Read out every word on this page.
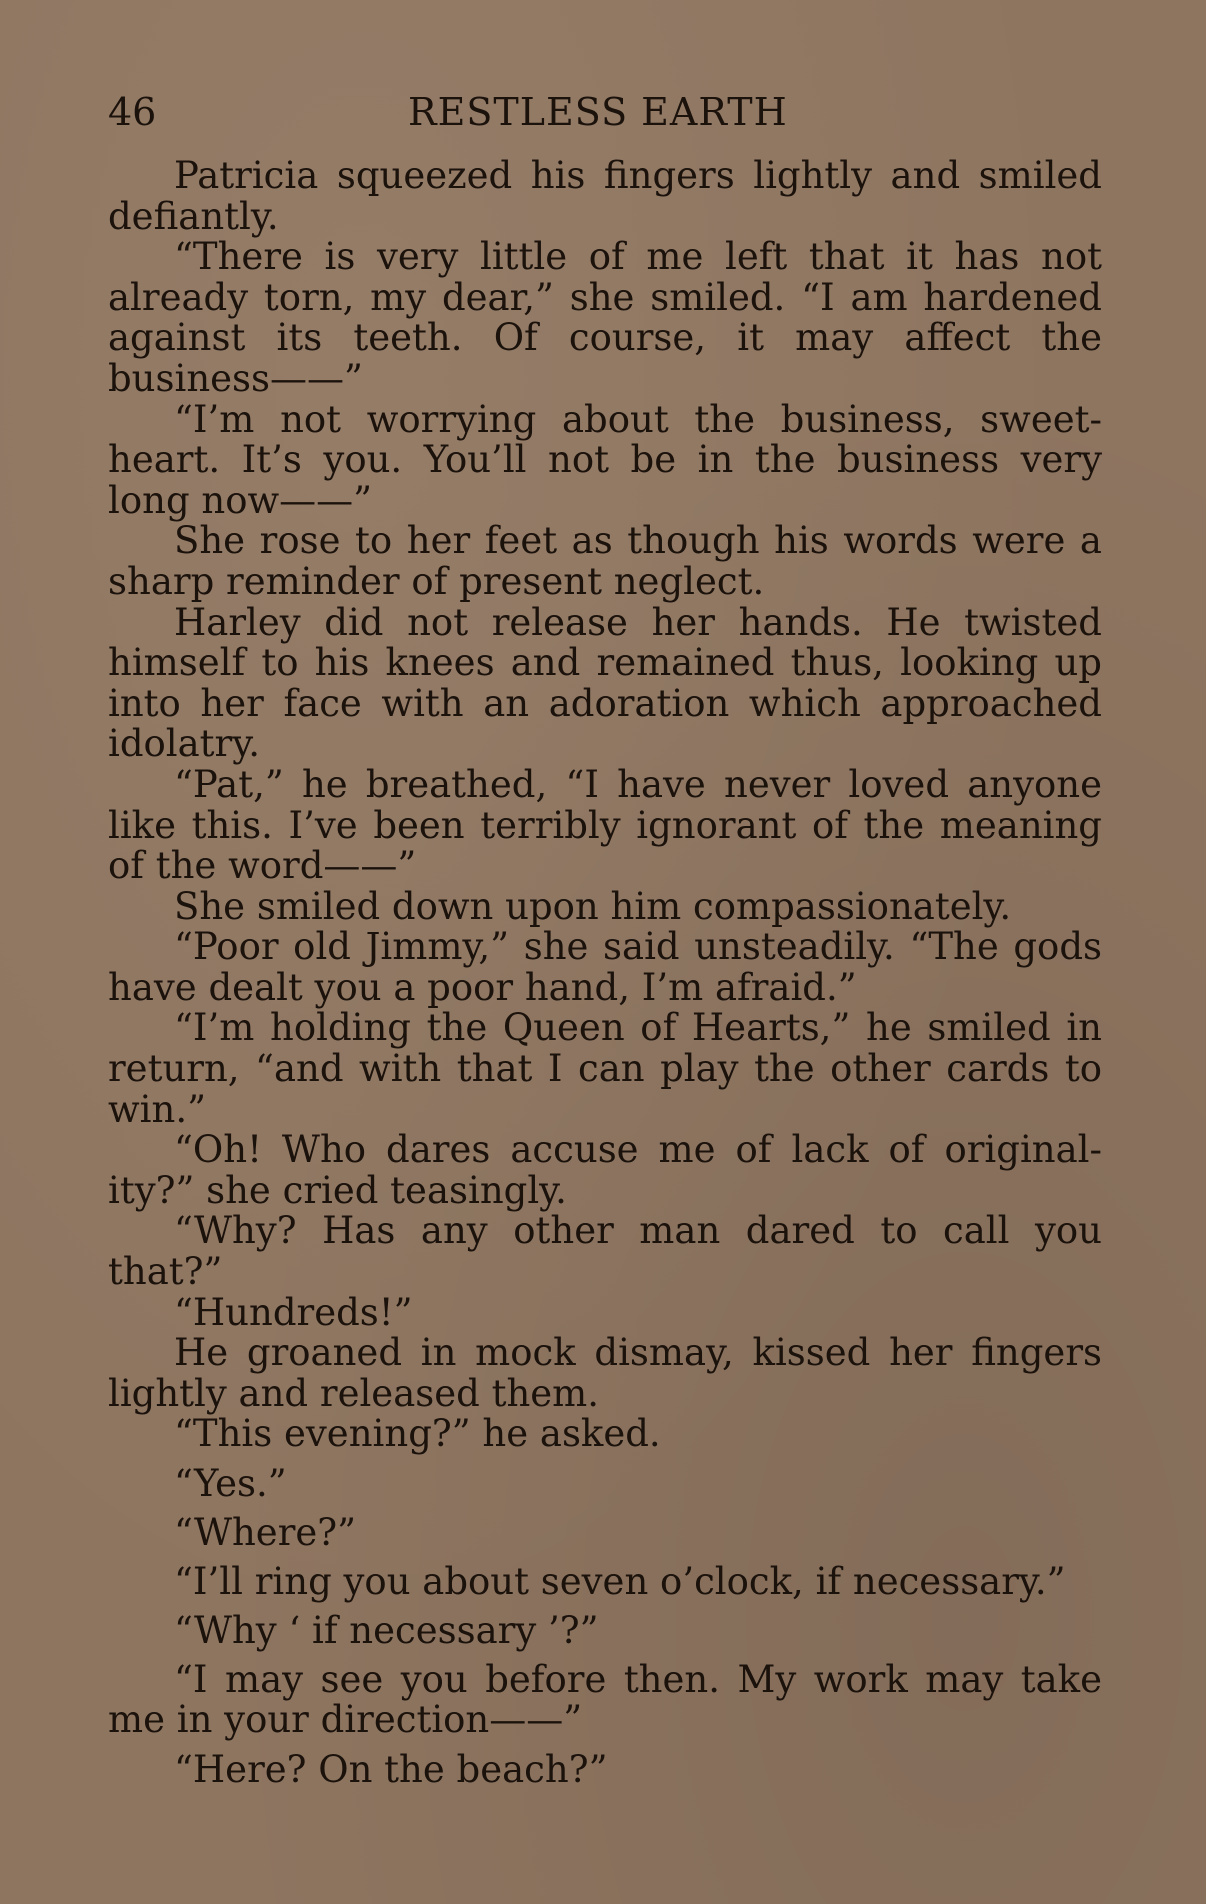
46	RESTLESS EARTH

Patricia squeezed his fingers lightly and smiled defiantly.

“There is very little of me left that it has not already torn, my dear,” she smiled. “I am hardened against its teeth. Of course, it may affect the business——”

“I’m not worrying about the business, sweet-heart. It’s you. You’ll not be in the business very long now——”

She rose to her feet as though his words were a sharp reminder of present neglect.

Harley did not release her hands. He twisted himself to his knees and remained thus, looking up into her face with an adoration which approached idolatry.

“Pat,” he breathed, “I have never loved anyone like this. I’ve been terribly ignorant of the meaning of the word——”

She smiled down upon him compassionately.

“Poor old Jimmy,” she said unsteadily. “The gods have dealt you a poor hand, I’m afraid.”

“I’m holding the Queen of Hearts,” he smiled in return, “and with that I can play the other cards to win.”

“Oh! Who dares accuse me of lack of original-ity?” she cried teasingly.

“Why? Has any other man dared to call you that?”

“Hundreds!”

He groaned in mock dismay, kissed her fingers lightly and released them.

“This evening?” he asked.

“Yes.”

“Where?”

“I’ll ring you about seven o’clock, if necessary.”

“Why ‘ if necessary ’?”

“I may see you before then. My work may take me in your direction——”

“Here? On the beach?”
